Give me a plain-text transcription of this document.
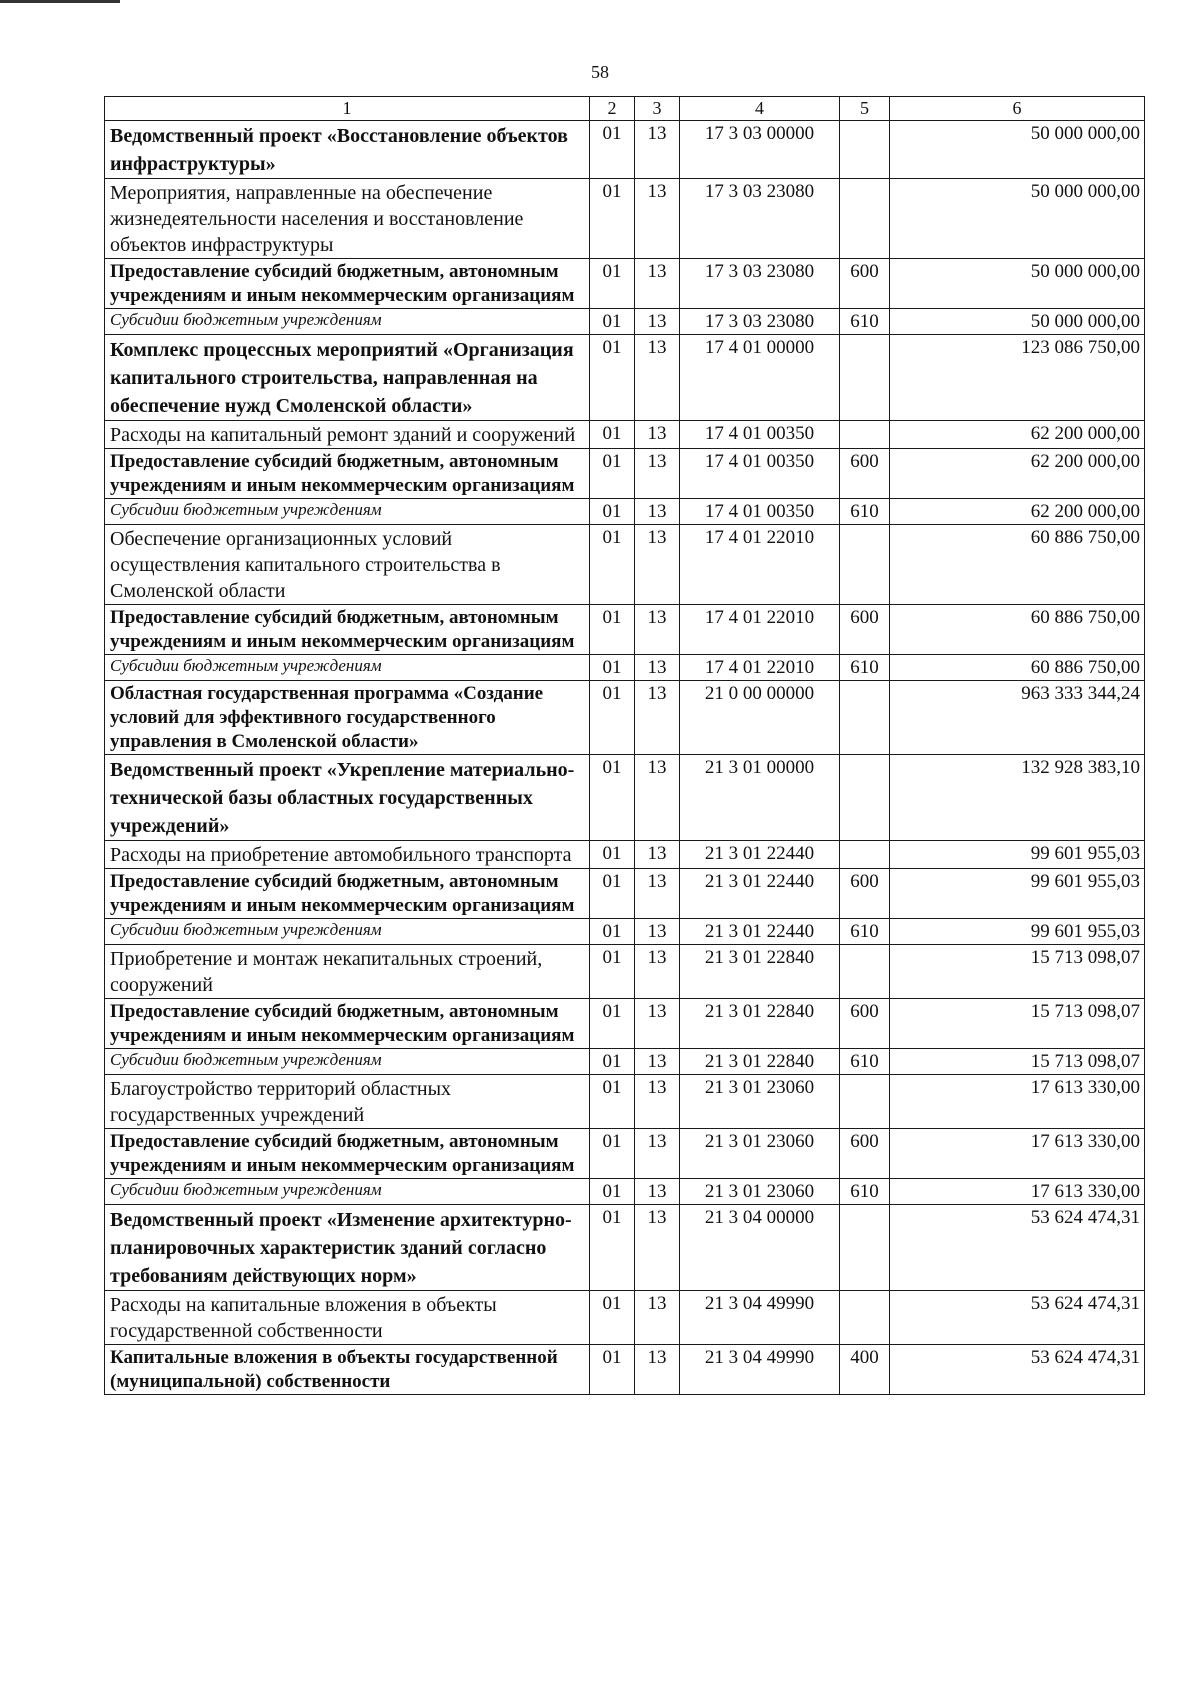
58
1	2	3	4	5	6
Ведомственный проект «Восстановление объектов инфраструктуры»	01	13	17 3 03 00000		50 000 000,00
Мероприятия, направленные на обеспечение жизнедеятельности населения и восстановление объектов инфраструктуры	01	13	17 3 03 23080		50 000 000,00
Предоставление субсидий бюджетным, автономным учреждениям и иным некоммерческим организациям	01	13	17 3 03 23080	600	50 000 000,00
Субсидии бюджетным учреждениям	01	13	17 3 03 23080	610	50 000 000,00
Комплекс процессных мероприятий «Организация капитального строительства, направленная на обеспечение нужд Смоленской области»	01	13	17 4 01 00000		123 086 750,00
Расходы на капитальный ремонт зданий и сооружений	01	13	17 4 01 00350		62 200 000,00
Предоставление субсидий бюджетным, автономным учреждениям и иным некоммерческим организациям	01	13	17 4 01 00350	600	62 200 000,00
Субсидии бюджетным учреждениям	01	13	17 4 01 00350	610	62 200 000,00
Обеспечение организационных условий осуществления капитального строительства в Смоленской области	01	13	17 4 01 22010		60 886 750,00
Предоставление субсидий бюджетным, автономным учреждениям и иным некоммерческим организациям	01	13	17 4 01 22010	600	60 886 750,00
Субсидии бюджетным учреждениям	01	13	17 4 01 22010	610	60 886 750,00
Областная государственная программа «Создание условий для эффективного государственного управления в Смоленской области»	01	13	21 0 00 00000		963 333 344,24
Ведомственный проект «Укрепление материально-технической базы областных государственных учреждений»	01	13	21 3 01 00000		132 928 383,10
Расходы на приобретение автомобильного транспорта	01	13	21 3 01 22440		99 601 955,03
Предоставление субсидий бюджетным, автономным учреждениям и иным некоммерческим организациям	01	13	21 3 01 22440	600	99 601 955,03
Субсидии бюджетным учреждениям	01	13	21 3 01 22440	610	99 601 955,03
Приобретение и монтаж некапитальных строений, сооружений	01	13	21 3 01 22840		15 713 098,07
Предоставление субсидий бюджетным, автономным учреждениям и иным некоммерческим организациям	01	13	21 3 01 22840	600	15 713 098,07
Субсидии бюджетным учреждениям	01	13	21 3 01 22840	610	15 713 098,07
Благоустройство территорий областных государственных учреждений	01	13	21 3 01 23060		17 613 330,00
Предоставление субсидий бюджетным, автономным учреждениям и иным некоммерческим организациям	01	13	21 3 01 23060	600	17 613 330,00
Субсидии бюджетным учреждениям	01	13	21 3 01 23060	610	17 613 330,00
Ведомственный проект «Изменение архитектурно-планировочных характеристик зданий согласно требованиям действующих норм»	01	13	21 3 04 00000		53 624 474,31
Расходы на капитальные вложения в объекты государственной собственности	01	13	21 3 04 49990		53 624 474,31
Капитальные вложения в объекты государственной (муниципальной) собственности	01	13	21 3 04 49990	400	53 624 474,31
